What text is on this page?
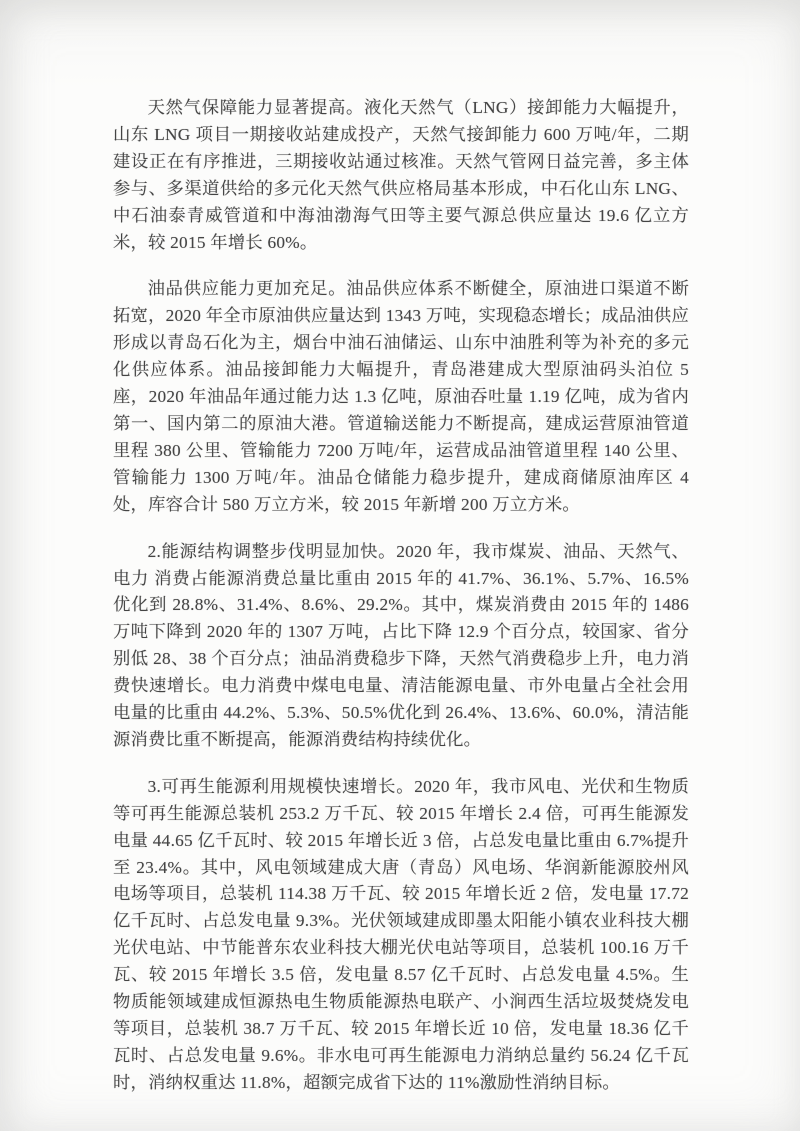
天然气保障能力显著提高。液化天然气（LNG）接卸能力大幅提升，山东 LNG 项目一期接收站建成投产，天然气接卸能力 600 万吨/年，二期建设正在有序推进，三期接收站通过核准。天然气管网日益完善，多主体参与、多渠道供给的多元化天然气供应格局基本形成，中石化山东 LNG、中石油泰青威管道和中海油渤海气田等主要气源总供应量达 19.6 亿立方米，较 2015 年增长 60%。

油品供应能力更加充足。油品供应体系不断健全，原油进口渠道不断拓宽，2020 年全市原油供应量达到 1343 万吨，实现稳态增长；成品油供应形成以青岛石化为主，烟台中油石油储运、山东中油胜利等为补充的多元化供应体系。油品接卸能力大幅提升，青岛港建成大型原油码头泊位 5 座，2020 年油品年通过能力达 1.3 亿吨，原油吞吐量 1.19 亿吨，成为省内第一、国内第二的原油大港。管道输送能力不断提高，建成运营原油管道里程 380 公里、管输能力 7200 万吨/年，运营成品油管道里程 140 公里、管输能力 1300 万吨/年。油品仓储能力稳步提升，建成商储原油库区 4 处，库容合计 580 万立方米，较 2015 年新增 200 万立方米。

2.能源结构调整步伐明显加快。2020 年，我市煤炭、油品、天然气、电力 消费占能源消费总量比重由 2015 年的 41.7%、36.1%、5.7%、16.5%优化到 28.8%、31.4%、8.6%、29.2%。其中，煤炭消费由 2015 年的 1486 万吨下降到 2020 年的 1307 万吨，占比下降 12.9 个百分点，较国家、省分别低 28、38 个百分点；油品消费稳步下降，天然气消费稳步上升，电力消费快速增长。电力消费中煤电电量、清洁能源电量、市外电量占全社会用电量的比重由 44.2%、5.3%、50.5%优化到 26.4%、13.6%、60.0%，清洁能源消费比重不断提高，能源消费结构持续优化。

3.可再生能源利用规模快速增长。2020 年，我市风电、光伏和生物质等可再生能源总装机 253.2 万千瓦、较 2015 年增长 2.4 倍，可再生能源发电量 44.65 亿千瓦时、较 2015 年增长近 3 倍，占总发电量比重由 6.7%提升至 23.4%。其中，风电领域建成大唐（青岛）风电场、华润新能源胶州风电场等项目，总装机 114.38 万千瓦、较 2015 年增长近 2 倍，发电量 17.72 亿千瓦时、占总发电量 9.3%。光伏领域建成即墨太阳能小镇农业科技大棚光伏电站、中节能普东农业科技大棚光伏电站等项目，总装机 100.16 万千瓦、较 2015 年增长 3.5 倍，发电量 8.57 亿千瓦时、占总发电量 4.5%。生物质能领域建成恒源热电生物质能源热电联产、小涧西生活垃圾焚烧发电等项目，总装机 38.7 万千瓦、较 2015 年增长近 10 倍，发电量 18.36 亿千瓦时、占总发电量 9.6%。非水电可再生能源电力消纳总量约 56.24 亿千瓦时，消纳权重达 11.8%，超额完成省下达的 11%激励性消纳目标。
